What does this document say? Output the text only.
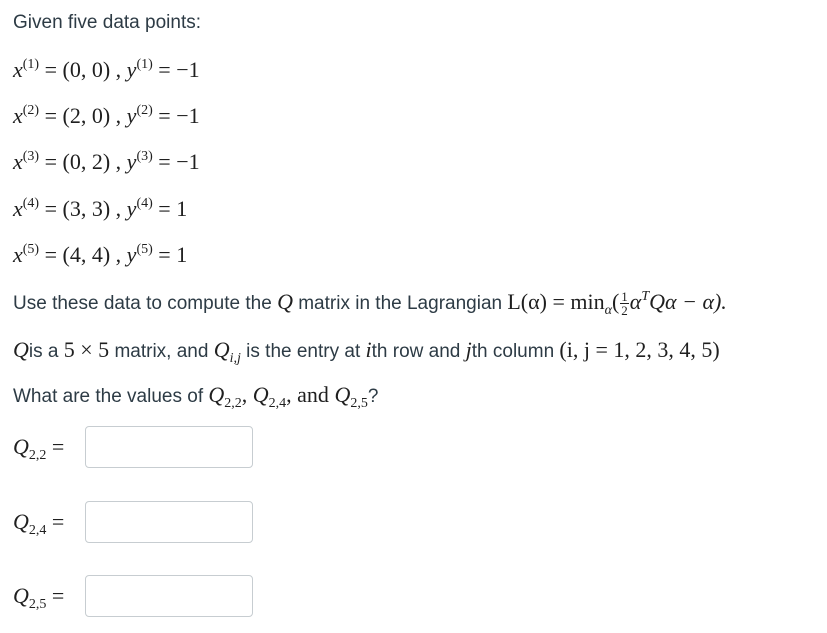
Given five data points:
$x^{(1)} = (0$, 0) , $y^{(1)} = -1$
$x^{(2)} = (2$, 0) , $y^{(2)} = -1$
$x^{(3)} = (0$, 2) , $y^{(3)} = -1$
$x^{(4)} = (3$, 3) , $y^{(4)} = 1$
$x^{(5)} = (4$, 4) , $y^{(5)} = 1$
Use these data to compute the Q matrix in the Lagrangian $L(\alpha) = \min_\alpha( \frac{1}{2} \alpha^TQ\alpha - \alpha)$.
Qis a 5 × 5 matrix, and $Q_{i,j}$ is the entry at ith row and jth column (i, j = 1, 2, 3, 4, 5)
What are the values of $Q_{2,2}$, $Q_{2,4}$, and $Q_{2,5}$?
$Q_{2,2}$ =
$Q_{2,4}$ =
$Q_{2,5}$ =
